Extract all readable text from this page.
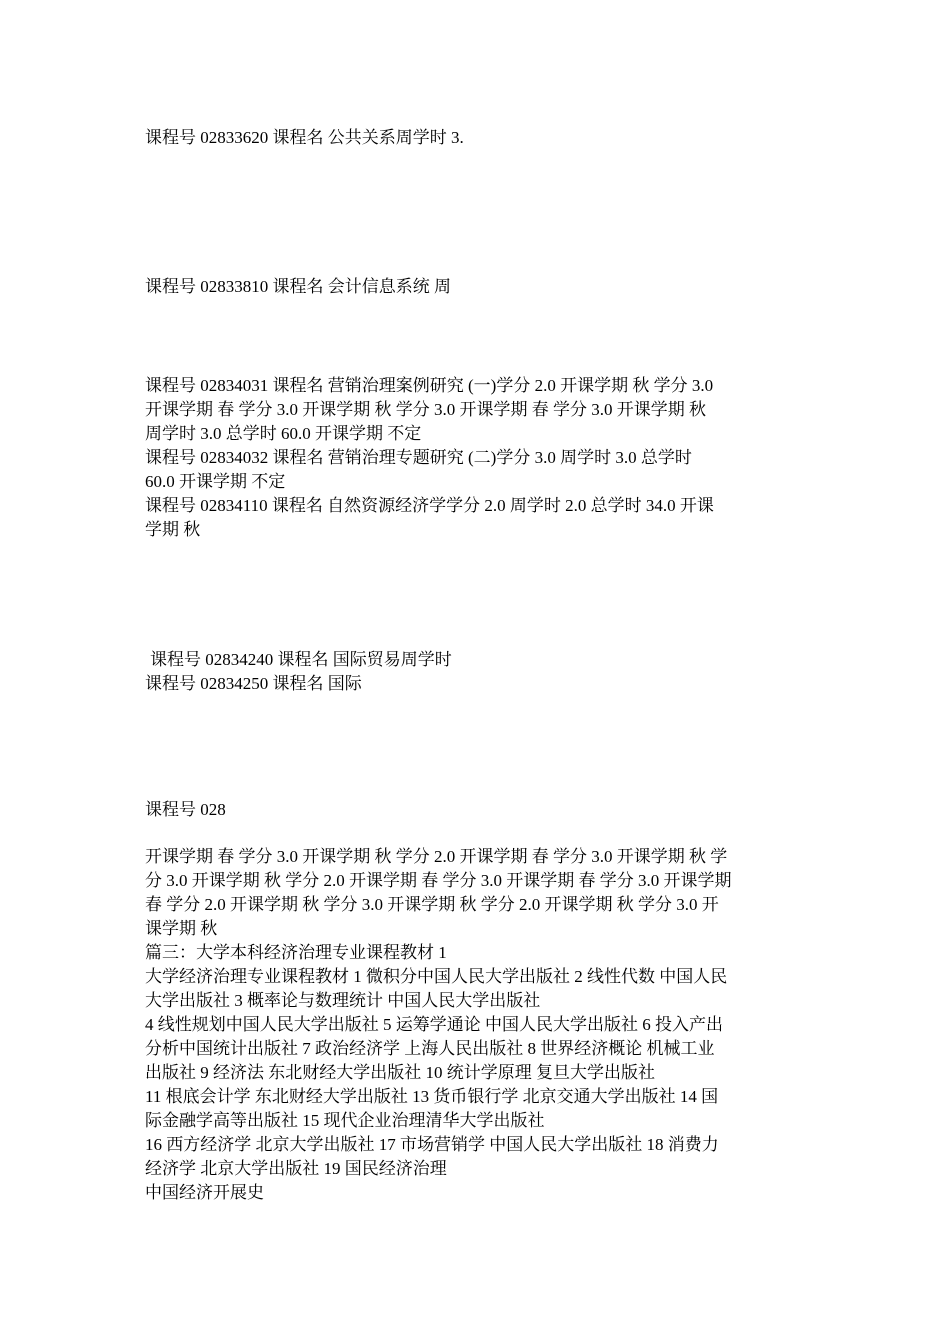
课程号 02833620 课程名 公共关系周学时 3.
课程号 02833810 课程名 会计信息系统 周

课程号 02834031 课程名 营销治理案例研究 (一)学分 2.0 开课学期 秋 学分 3.0

开课学期 春 学分 3.0 开课学期 秋 学分 3.0 开课学期 春 学分 3.0 开课学期 秋

周学时 3.0 总学时 60.0 开课学期 不定

课程号 02834032 课程名 营销治理专题研究 (二)学分 3.0 周学时 3.0 总学时

60.0 开课学期 不定

课程号 02834110 课程名 自然资源经济学学分 2.0 周学时 2.0 总学时 34.0 开课

学期 秋

课程号 02834240 课程名 国际贸易周学时
课程号 02834250 课程名 国际
课程号 028

开课学期 春 学分 3.0 开课学期 秋 学分 2.0 开课学期 春 学分 3.0 开课学期 秋 学

分 3.0 开课学期 秋 学分 2.0 开课学期 春 学分 3.0 开课学期 春 学分 3.0 开课学期

春 学分 2.0 开课学期 秋 学分 3.0 开课学期 秋 学分 2.0 开课学期 秋 学分 3.0 开

课学期 秋

篇三：大学本科经济治理专业课程教材 1

大学经济治理专业课程教材 1 微积分中国人民大学出版社 2 线性代数 中国人民

大学出版社 3 概率论与数理统计 中国人民大学出版社

4 线性规划中国人民大学出版社 5 运筹学通论 中国人民大学出版社 6 投入产出

分析中国统计出版社 7 政治经济学 上海人民出版社 8 世界经济概论 机械工业

出版社 9 经济法 东北财经大学出版社 10 统计学原理 复旦大学出版社

11 根底会计学 东北财经大学出版社 13 货币银行学 北京交通大学出版社 14 国

际金融学高等出版社 15 现代企业治理清华大学出版社

16 西方经济学 北京大学出版社 17 市场营销学 中国人民大学出版社 18 消费力

经济学 北京大学出版社 19 国民经济治理

中国经济开展史
